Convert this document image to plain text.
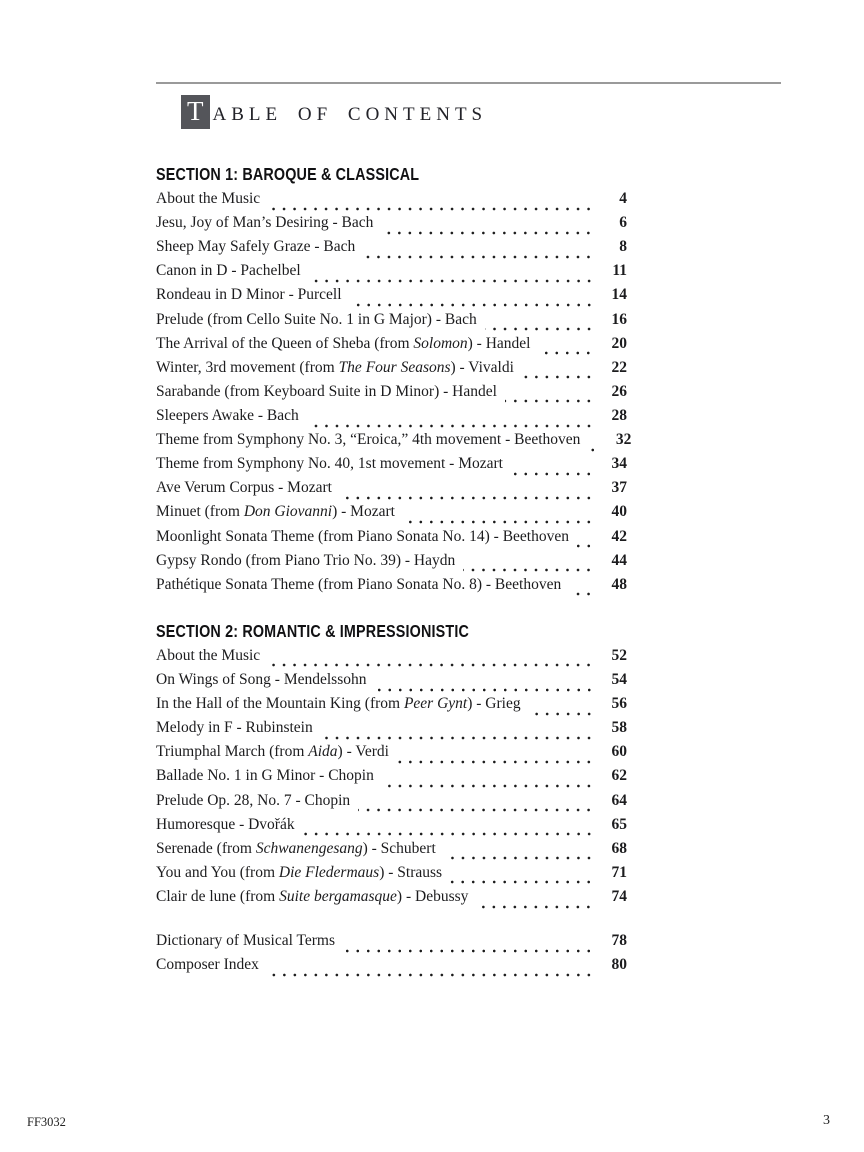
T ABLE OF CONTENTS
SECTION 1: BAROQUE & CLASSICAL
About the Music	4
Jesu, Joy of Man’s Desiring - Bach	6
Sheep May Safely Graze - Bach	8
Canon in D - Pachelbel	11
Rondeau in D Minor - Purcell	14
Prelude (from Cello Suite No. 1 in G Major) - Bach	16
The Arrival of the Queen of Sheba (from Solomon) - Handel	20
Winter, 3rd movement (from The Four Seasons) - Vivaldi	22
Sarabande (from Keyboard Suite in D Minor) - Handel	26
Sleepers Awake - Bach	28
Theme from Symphony No. 3, “Eroica,” 4th movement - Beethoven	32
Theme from Symphony No. 40, 1st movement - Mozart	34
Ave Verum Corpus - Mozart	37
Minuet (from Don Giovanni) - Mozart	40
Moonlight Sonata Theme (from Piano Sonata No. 14) - Beethoven	42
Gypsy Rondo (from Piano Trio No. 39) - Haydn	44
Pathétique Sonata Theme (from Piano Sonata No. 8) - Beethoven	48
SECTION 2: ROMANTIC & IMPRESSIONISTIC
About the Music	52
On Wings of Song - Mendelssohn	54
In the Hall of the Mountain King (from Peer Gynt) - Grieg	56
Melody in F - Rubinstein	58
Triumphal March (from Aida) - Verdi	60
Ballade No. 1 in G Minor - Chopin	62
Prelude Op. 28, No. 7 - Chopin	64
Humoresque - Dvořák	65
Serenade (from Schwanengesang) - Schubert	68
You and You (from Die Fledermaus) - Strauss	71
Clair de lune (from Suite bergamasque) - Debussy	74
Dictionary of Musical Terms	78
Composer Index	80
FF3032	3
